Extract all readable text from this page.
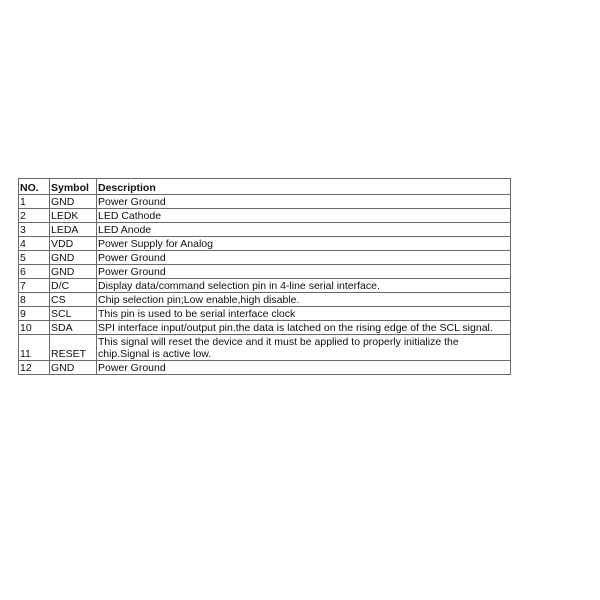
NO.	Symbol	Description
1	GND	Power Ground
2	LEDK	LED Cathode
3	LEDA	LED Anode
4	VDD	Power Supply for Analog
5	GND	Power Ground
6	GND	Power Ground
7	D/C	Display data/command selection pin in 4-line serial interface.
8	CS	Chip selection pin;Low enable,high disable.
9	SCL	This pin is used to be serial interface clock
10	SDA	SPI interface input/output pin.the data is latched on the rising edge of the SCL signal.
11	RESET	This signal will reset the device and it must be applied to properly initialize the chip.Signal is active low.
12	GND	Power Ground
